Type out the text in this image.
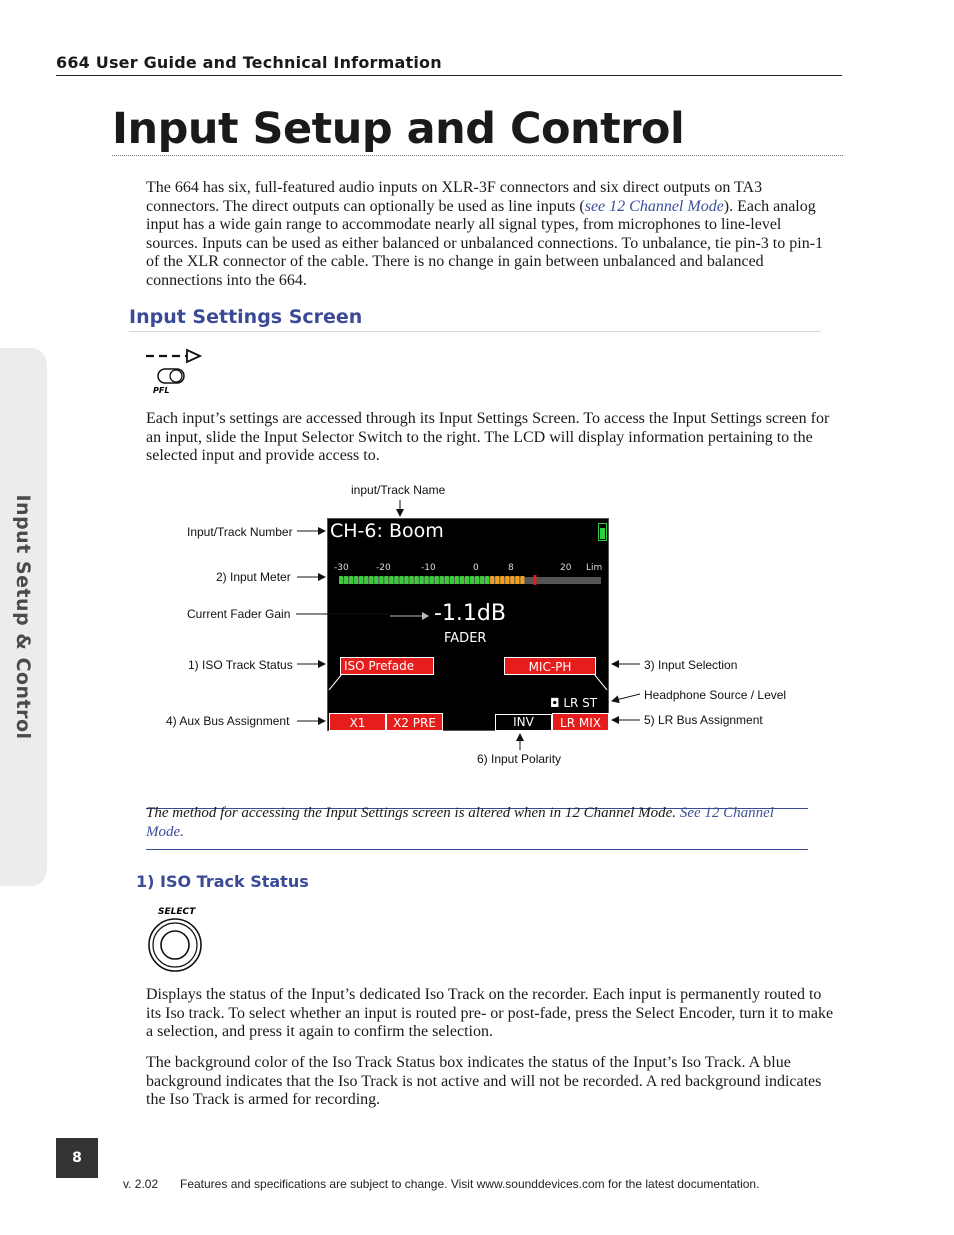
664 User Guide and Technical Information
Input Setup and Control
Input Setup & Control

The 664 has six, full-featured audio inputs on XLR-3F connectors and six direct outputs on TA3 connectors. The direct outputs can optionally be used as line inputs (see 12 Channel Mode). Each analog input has a wide gain range to accommodate nearly all signal types, from microphones to line-level sources. Inputs can be used as either balanced or unbalanced connections. To unbalance, tie pin-3 to pin-1 of the XLR connector of the cable. There is no change in gain between unbalanced and balanced connections into the 664.

Input Settings Screen
PFL

Each input’s settings are accessed through its Input Settings Screen. To access the Input Settings screen for an input, slide the Input Selector Switch to the right. The LCD will display information pertaining to the selected input and provide access to.

input/Track Name
Input/Track Number
2) Input Meter
Current Fader Gain
1) ISO Track Status
4) Aux Bus Assignment
3) Input Selection
Headphone Source / Level
5) LR Bus Assignment
6) Input Polarity
CH-6: Boom
-30	-20	-10	0	8	20 Lim
-1.1dB
FADER
ISO Prefade	MIC-PH
◘ LR ST
X1	X2 PRE	INV	LR MIX

The method for accessing the Input Settings screen is altered when in 12 Channel Mode. See 12 Channel Mode.

1) ISO Track Status
SELECT

Displays the status of the Input’s dedicated Iso Track on the recorder. Each input is permanently routed to its Iso track. To select whether an input is routed pre- or post-fade, press the Select Encoder, turn it to make a selection, and press it again to confirm the selection.

The background color of the Iso Track Status box indicates the status of the Input’s Iso Track. A blue background indicates that the Iso Track is not active and will not be recorded. A red background indicates the Iso Track is armed for recording.

8
v. 2.02 Features and specifications are subject to change. Visit www.sounddevices.com for the latest documentation.
